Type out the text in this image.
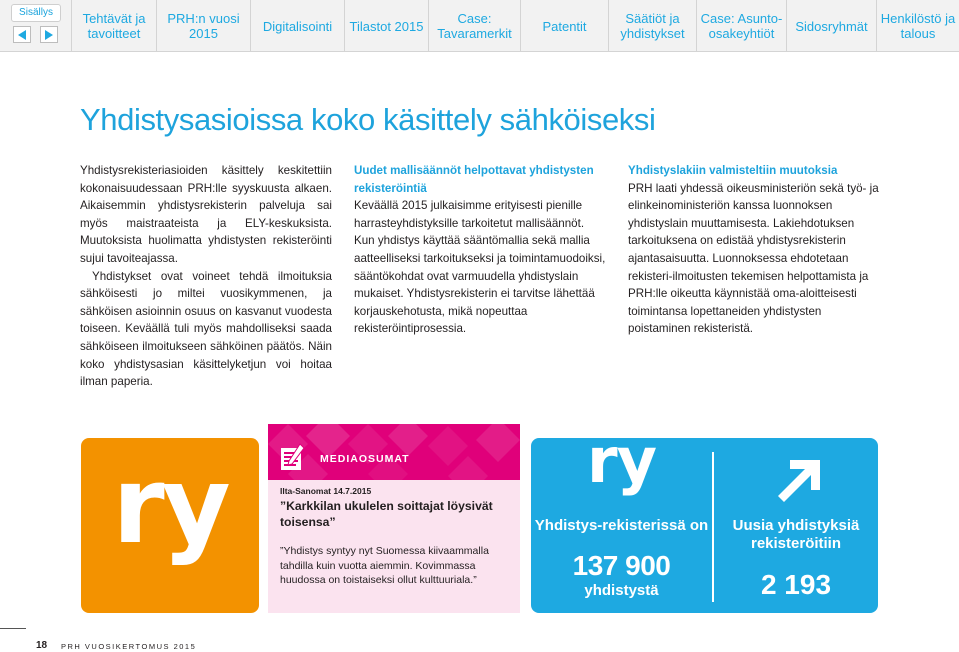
Sisällys	Tehtävät ja tavoitteet
PRH:n vuosi 2015	Digitalisointi	Tilastot 2015	Case: Tavaramerkit	Patentit	Säätiöt ja yhdistykset
Case: Asunto-osakeyhtiöt	Sidosryhmät	Henkilöstö ja talous
Yhdistysasioissa koko käsittely sähköiseksi

Yhdistysrekisteriasioiden käsittely keskitettiin kokonaisuudessaan PRH:lle syyskuusta alkaen. Aikaisemmin yhdistysrekisterin palveluja sai myös maistraateista ja ELY-keskuksista. Muutoksista huolimatta yhdistysten rekisteröinti sujui tavoiteajassa.

Yhdistykset ovat voineet tehdä ilmoituksia sähköisesti jo miltei vuosikymmenen, ja sähköisen asioinnin osuus on kasvanut vuodesta toiseen. Keväällä tuli myös mahdolliseksi saada sähköiseen ilmoitukseen sähköinen päätös. Näin koko yhdistysasian käsittelyketjun voi hoitaa ilman paperia.

Uudet mallisäännöt helpottavat yhdistysten rekisteröintiä

Keväällä 2015 julkaisimme erityisesti pienille harrasteyhdistyksille tarkoitetut mallisäännöt. Kun yhdistys käyttää sääntömallia sekä mallia aatteelliseksi tarkoitukseksi ja toimintamuodoiksi, sääntökohdat ovat varmuudella yhdistyslain mukaiset. Yhdistysrekisterin ei tarvitse lähettää korjauskehotusta, mikä nopeuttaa rekisteröintiprosessia.

Yhdistyslakiin valmisteltiin muutoksia

PRH laati yhdessä oikeusministeriön sekä työ- ja elinkeinoministeriön kanssa luonnoksen yhdistyslain muuttamisesta. Lakiehdotuksen tarkoituksena on edistää yhdistysrekisterin ajantasaisuutta. Luonnoksessa ehdotetaan rekisteri-ilmoitusten tekemisen helpottamista ja PRH:lle oikeutta käynnistää oma-aloitteisesti toimintansa lopettaneiden yhdistysten poistaminen rekisteristä.

ry	MEDIAOSUMAT
Ilta-Sanomat 14.7.2015
”Karkkilan ukulelen soittajat löysivät toisensa”
”Yhdistys syntyy nyt Suomessa kiivaammalla tahdilla kuin vuotta aiemmin. Kovimmassa huudossa on toistaiseksi ollut kulttuuriala.”
ry
Yhdistys-rekisterissä on
137 900
yhdistystä
Uusia yhdistyksiä rekisteröitiin
2 193
18 PRH VUOSIKERTOMUS 2015
